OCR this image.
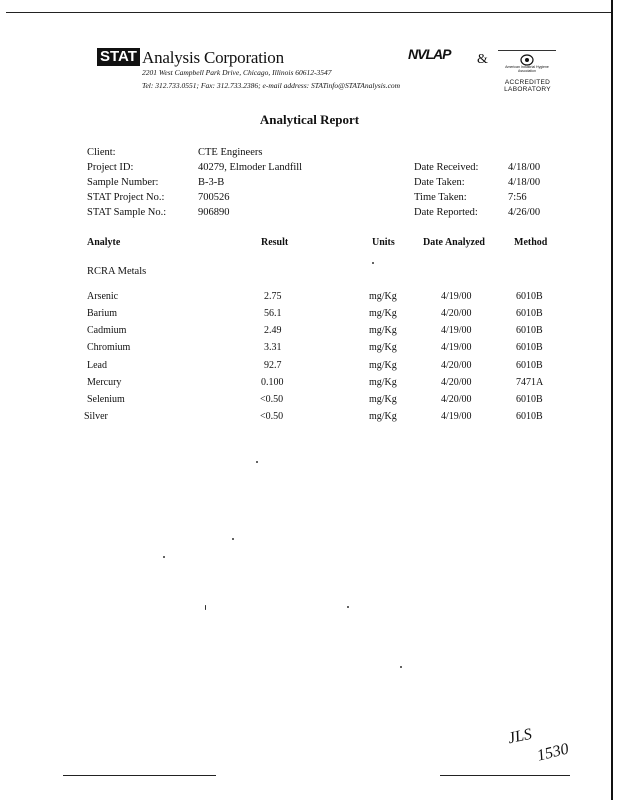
STAT Analysis Corporation
2201 West Campbell Park Drive, Chicago, Illinois 60612-3547
Tel: 312.733.0551; Fax: 312.733.2386; e-mail address: STATinfo@STATAnalysis.com
NVLAP &	American Industrial Hygiene Association
ACCREDITED
LABORATORY
Analytical Report
Client:	CTE Engineers
Project ID:	40279, Elmoder Landfill
Sample Number:	B-3-B
STAT Project No.:	700526
STAT Sample No.:	906890
Date Received:	4/18/00
Date Taken:	4/18/00
Time Taken:	7:56
Date Reported:	4/26/00
Analyte	Result	Units	Date Analyzed	Method
RCRA Metals
Arsenic	2.75	mg/Kg	4/19/00	6010B
Barium	56.1	mg/Kg	4/20/00	6010B
Cadmium	2.49	mg/Kg	4/19/00	6010B
Chromium	3.31	mg/Kg	4/19/00	6010B
Lead	92.7	mg/Kg	4/20/00	6010B
Mercury	0.100	mg/Kg	4/20/00	7471A
Selenium	<0.50	mg/Kg	4/20/00	6010B
Silver	<0.50	mg/Kg	4/19/00	6010B
JLS
1530
